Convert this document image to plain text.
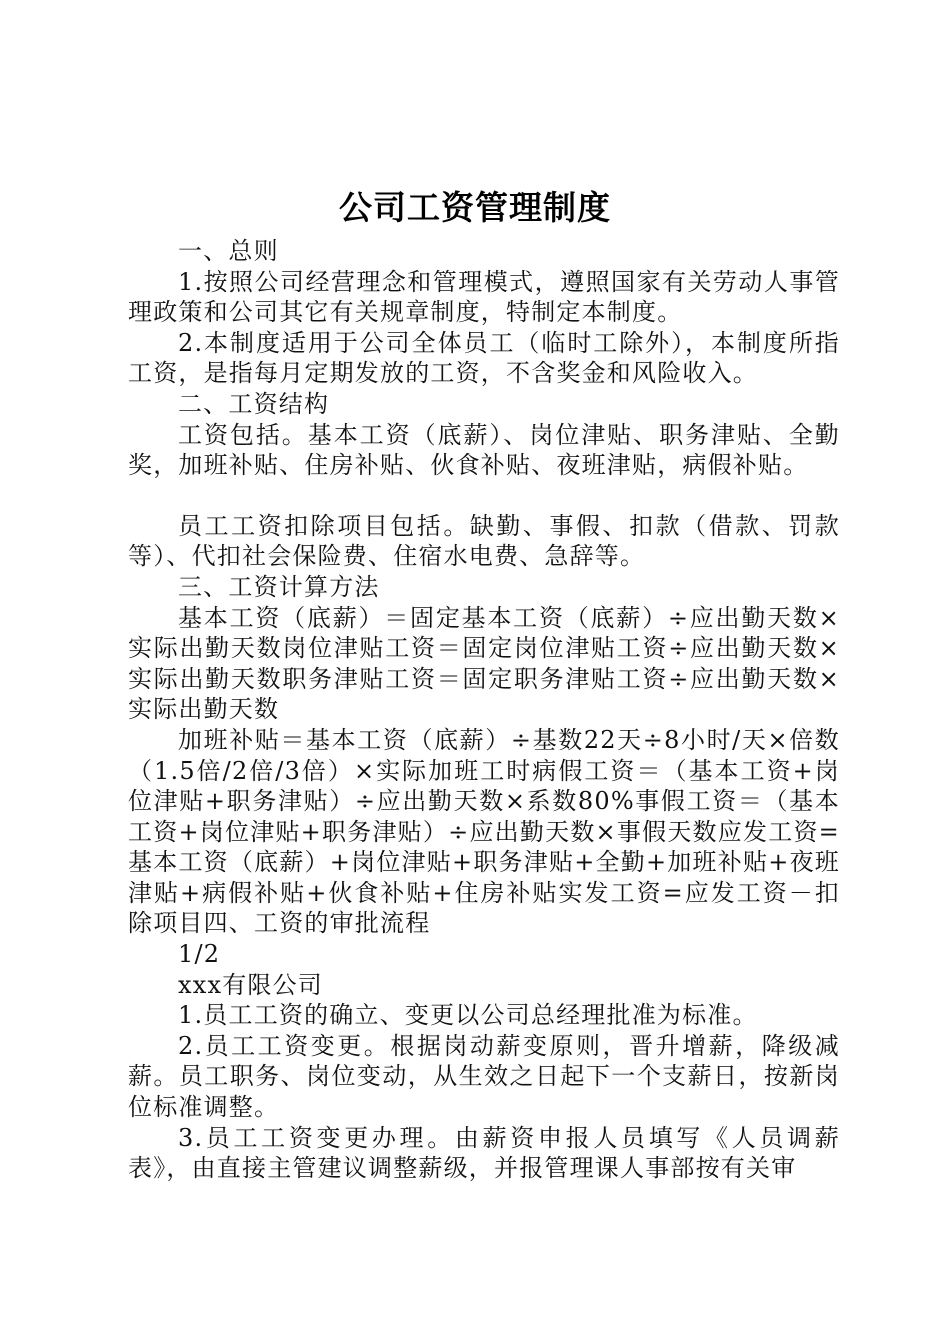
公司工资管理制度

一、总则

1.按照公司经营理念和管理模式，遵照国家有关劳动人事管理政策和公司其它有关规章制度，特制定本制度。

2.本制度适用于公司全体员工（临时工除外），本制度所指工资，是指每月定期发放的工资，不含奖金和风险收入。

二、工资结构

工资包括。基本工资（底薪）、岗位津贴、职务津贴、全勤奖，加班补贴、住房补贴、伙食补贴、夜班津贴，病假补贴。

员工工资扣除项目包括。缺勤、事假、扣款（借款、罚款等）、代扣社会保险费、住宿水电费、急辞等。

三、工资计算方法

基本工资（底薪）＝固定基本工资（底薪）÷应出勤天数×实际出勤天数岗位津贴工资＝固定岗位津贴工资÷应出勤天数×实际出勤天数职务津贴工资＝固定职务津贴工资÷应出勤天数×实际出勤天数

加班补贴＝基本工资（底薪）÷基数22天÷8小时/天×倍数（1.5倍/2倍/3倍）×实际加班工时病假工资＝（基本工资+岗位津贴+职务津贴）÷应出勤天数×系数80%事假工资＝（基本工资+岗位津贴+职务津贴）÷应出勤天数×事假天数应发工资=基本工资（底薪）+岗位津贴+职务津贴+全勤+加班补贴+夜班津贴+病假补贴+伙食补贴+住房补贴实发工资=应发工资－扣除项目四、工资的审批流程

1/2

xxx有限公司

1.员工工资的确立、变更以公司总经理批准为标准。

2.员工工资变更。根据岗动薪变原则，晋升增薪，降级减薪。员工职务、岗位变动，从生效之日起下一个支薪日，按新岗位标准调整。

3.员工工资变更办理。由薪资申报人员填写《人员调薪表》，由直接主管建议调整薪级，并报管理课人事部按有关审
